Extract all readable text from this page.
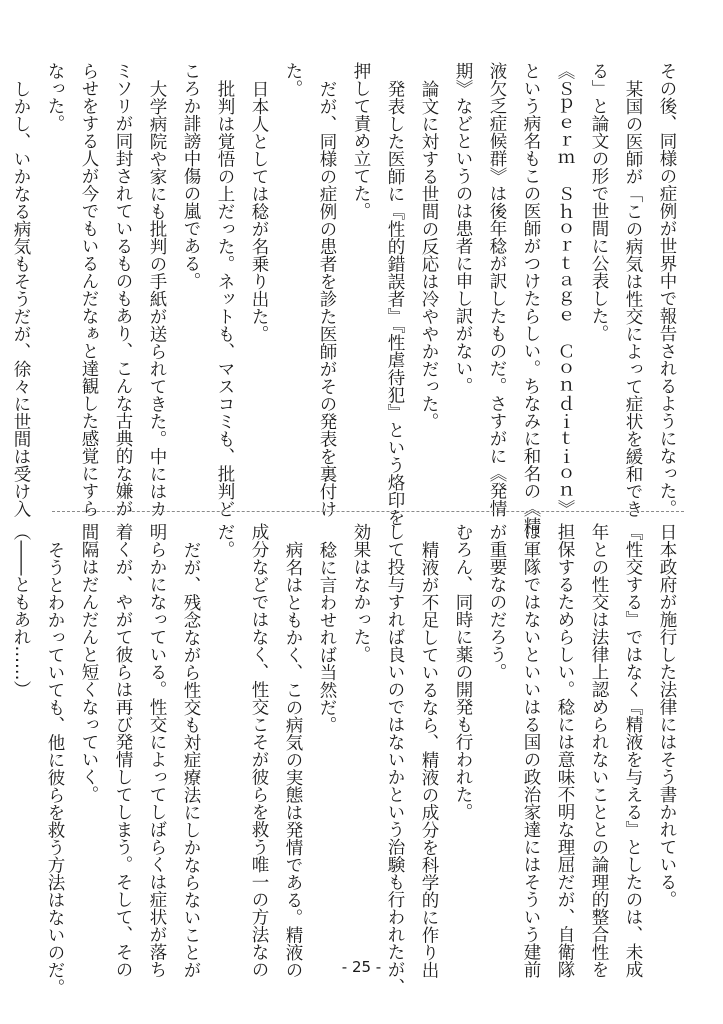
その後、同様の症例が世界中で報告されるようになった。
某国の医師が「この病気は性交によって症状を緩和でき
る」と論文の形で世間に公表した。
《Ｓｐｅｒｍ　Ｓｈｏｒｔａｇｅ　Ｃｏｎｄｉｔｉｏｎ》
という病名もこの医師がつけたらしい。ちなみに和名の《精
液欠乏症候群》は後年稔が訳したものだ。さすがに《発情
期》などというのは患者に申し訳がない。
論文に対する世間の反応は冷ややかだった。
発表した医師に『性的錯誤者』『性虐待犯』という烙印を
押して責め立てた。
だが、同様の症例の患者を診た医師がその発表を裏付け
た。
日本人としては稔が名乗り出た。
批判は覚悟の上だった。ネットも、マスコミも、批判ど
ころか誹謗中傷の嵐である。
大学病院や家にも批判の手紙が送られてきた。中にはカ
ミソリが同封されているものもあり、こんな古典的な嫌が
らせをする人が今でもいるんだなぁと達観した感覚にすら
なった。
しかし、いかなる病気もそうだが、徐々に世間は受け入
日本政府が施行した法律にはそう書かれている。
『性交する』ではなく『精液を与える』としたのは、未成
年との性交は法律上認められないこととの論理的整合性を
担保するためらしい。稔には意味不明な理屈だが、自衛隊
は軍隊ではないといいはる国の政治家達にはそういう建前
が重要なのだろう。
むろん、同時に薬の開発も行われた。
精液が不足しているなら、精液の成分を科学的に作り出
して投与すれば良いのではないかという治験も行われたが、
効果はなかった。
稔に言わせれば当然だ。
病名はともかく、この病気の実態は発情である。精液の
成分などではなく、性交こそが彼らを救う唯一の方法なの
だ。
だが、残念ながら性交も対症療法にしかならないことが
明らかになっている。性交によってしばらくは症状が落ち
着くが、やがて彼らは再び発情してしまう。そして、その
間隔はだんだんと短くなっていく。
そうとわかっていても、他に彼らを救う方法はないのだ。
（――ともあれ……）
- 25 -
